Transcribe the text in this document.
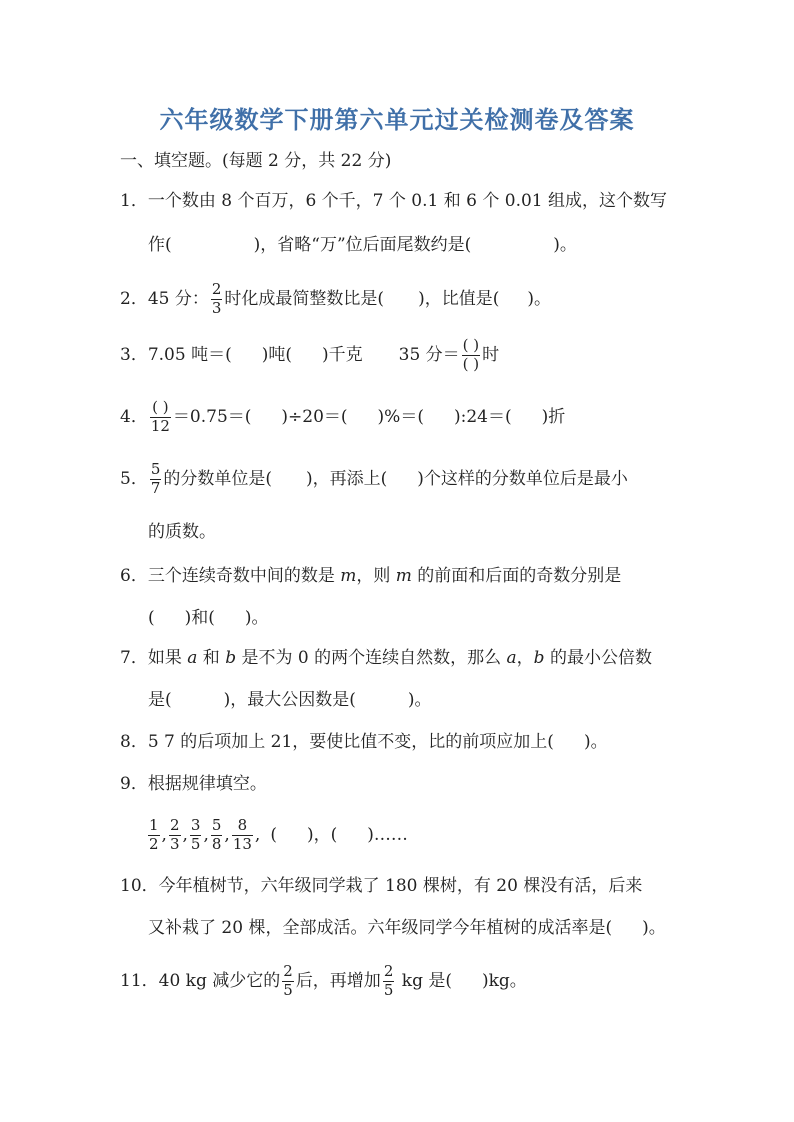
六年级数学下册第六单元过关检测卷及答案
一、填空题。(每题 2 分，共 22 分)
1．一个数由 8 个百万，6 个千，7 个 0.1 和 6 个 0.01 组成，这个数写
作(	)，省略“万”位后面尾数约是(	)。
2．45 分： $\frac{2}{3}$ 时化成最简整数比是( )，比值是( )。
3．7.05 吨＝( )吨( )千克 35 分＝ $\frac{( )}{( )}$ 时
4． $\frac{( )}{12} =0.75=$( )÷20＝( )%＝( ):24＝( )折
5． $\frac{5}{7}$ 的分数单位是( )，再添上( )个这样的分数单位后是最小
的质数。
6．三个连续奇数中间的数是 m，则 m 的前面和后面的奇数分别是
( )和( )。
7．如果 a 和 b 是不为 0 的两个连续自然数，那么 a，b 的最小公倍数
是(	)，最大公因数是(	)。
8．5 7 的后项加上 21，要使比值不变，比的前项应加上( )。
9．根据规律填空。
$\frac{1}{2}$ , $\frac{2}{3}$ , $\frac{3}{5}$ , $\frac{5}{8}$ , $\frac{8}{13}$ , ( )，( )……
10．今年植树节，六年级同学栽了 180 棵树，有 20 棵没有活，后来
又补栽了 20 棵，全部成活。六年级同学今年植树的成活率是( )。
11．40 kg 减少它的 $\frac{2}{5}$ 后，再增加 $\frac{2}{5}$ kg 是( )kg。
